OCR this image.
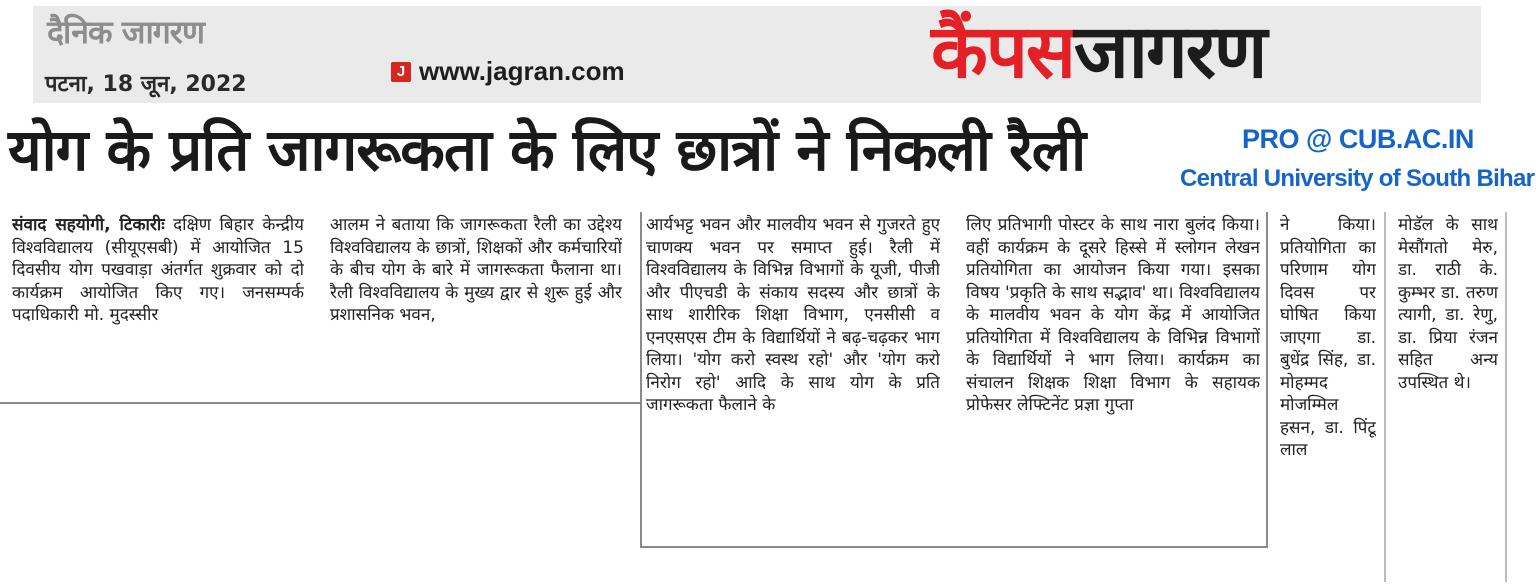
दैनिक जागरण
पटना, 18 जून, 2022
J www.jagran.com	कैंपसजागरण
योग के प्रति जागरूकता के लिए छात्रों ने निकली रैली	PRO @ CUB.AC.IN
Central University of South Bihar
संवाद सहयोगी, टिकारीः दक्षिण बिहार केन्द्रीय विश्वविद्यालय (सीयूएसबी) में आयोजित 15 दिवसीय योग पखवाड़ा अंतर्गत शुक्रवार को दो कार्यक्रम आयोजित किए गए। जनसम्पर्क पदाधिकारी मो. मुदस्सीर
आलम ने बताया कि जागरूकता रैली का उद्देश्य विश्वविद्यालय के छात्रों, शिक्षकों और कर्मचारियों के बीच योग के बारे में जागरूकता फैलाना था। रैली विश्वविद्यालय के मुख्य द्वार से शुरू हुई और प्रशासनिक भवन,
आर्यभट्ट भवन और मालवीय भवन से गुजरते हुए चाणक्य भवन पर समाप्त हुई। रैली में विश्वविद्यालय के विभिन्न विभागों के यूजी, पीजी और पीएचडी के संकाय सदस्य और छात्रों के साथ शारीरिक शिक्षा विभाग, एनसीसी व एनएसएस टीम के विद्यार्थियों ने बढ़-चढ़कर भाग लिया। 'योग करो स्वस्थ रहो' और 'योग करो निरोग रहो' आदि के साथ योग के प्रति जागरूकता फैलाने के
लिए प्रतिभागी पोस्टर के साथ नारा बुलंद किया। वहीं कार्यक्रम के दूसरे हिस्से में स्लोगन लेखन प्रतियोगिता का आयोजन किया गया। इसका विषय 'प्रकृति के साथ सद्भाव' था। विश्वविद्यालय के मालवीय भवन के योग केंद्र में आयोजित प्रतियोगिता में विश्वविद्यालय के विभिन्न विभागों के विद्यार्थियों ने भाग लिया। कार्यक्रम का संचालन शिक्षक शिक्षा विभाग के सहायक प्रोफेसर लेफ्टिनेंट प्रज्ञा गुप्ता
ने किया। प्रतियोगिता का परिणाम योग दिवस पर घोषित किया जाएगा डा. बुधेंद्र सिंह, डा. मोहम्मद मोजम्मिल हसन, डा. पिंटू लाल
मोडॅल के साथ मेसौंगतो मेरु, डा. राठी के. कुम्भर डा. तरुण त्यागी, डा. रेणु, डा. प्रिया रंजन सहित अन्य उपस्थित थे।
